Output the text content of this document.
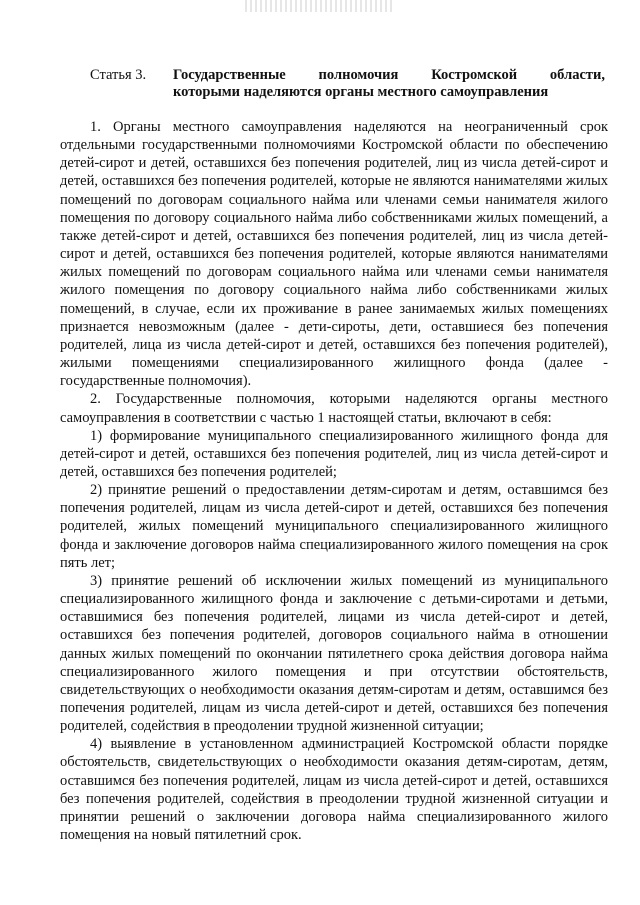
Статья 3.	Государственные полномочия Костромской области,
которыми наделяются органы местного самоуправления

1. Органы местного самоуправления наделяются на неограниченный срок отдельными государственными полномочиями Костромской области по обеспечению детей-сирот и детей, оставшихся без попечения родителей, лиц из числа детей-сирот и детей, оставшихся без попечения родителей, которые не являются нанимателями жилых помещений по договорам социального найма или членами семьи нанимателя жилого помещения по договору социального найма либо собственниками жилых помещений, а также детей-сирот и детей, оставшихся без попечения родителей, лиц из числа детей-сирот и детей, оставшихся без попечения родителей, которые являются нанимателями жилых помещений по договорам социального найма или членами семьи нанимателя жилого помещения по договору социального найма либо собственниками жилых помещений, в случае, если их проживание в ранее занимаемых жилых помещениях признается невозможным (далее - дети-сироты, дети, оставшиеся без попечения родителей, лица из числа детей-сирот и детей, оставшихся без попечения родителей), жилыми помещениями специализированного жилищного фонда (далее - государственные полномочия).

2. Государственные полномочия, которыми наделяются органы местного самоуправления в соответствии с частью 1 настоящей статьи, включают в себя:

1) формирование муниципального специализированного жилищного фонда для детей-сирот и детей, оставшихся без попечения родителей, лиц из числа детей-сирот и детей, оставшихся без попечения родителей;

2) принятие решений о предоставлении детям-сиротам и детям, оставшимся без попечения родителей, лицам из числа детей-сирот и детей, оставшихся без попечения родителей, жилых помещений муниципального специализированного жилищного фонда и заключение договоров найма специализированного жилого помещения на срок пять лет;

3) принятие решений об исключении жилых помещений из муниципального специализированного жилищного фонда и заключение с детьми-сиротами и детьми, оставшимися без попечения родителей, лицами из числа детей-сирот и детей, оставшихся без попечения родителей, договоров социального найма в отношении данных жилых помещений по окончании пятилетнего срока действия договора найма специализированного жилого помещения и при отсутствии обстоятельств, свидетельствующих о необходимости оказания детям-сиротам и детям, оставшимся без попечения родителей, лицам из числа детей-сирот и детей, оставшихся без попечения родителей, содействия в преодолении трудной жизненной ситуации;

4) выявление в установленном администрацией Костромской области порядке обстоятельств, свидетельствующих о необходимости оказания детям-сиротам, детям, оставшимся без попечения родителей, лицам из числа детей-сирот и детей, оставшихся без попечения родителей, содействия в преодолении трудной жизненной ситуации и принятии решений о заключении договора найма специализированного жилого помещения на новый пятилетний срок.
